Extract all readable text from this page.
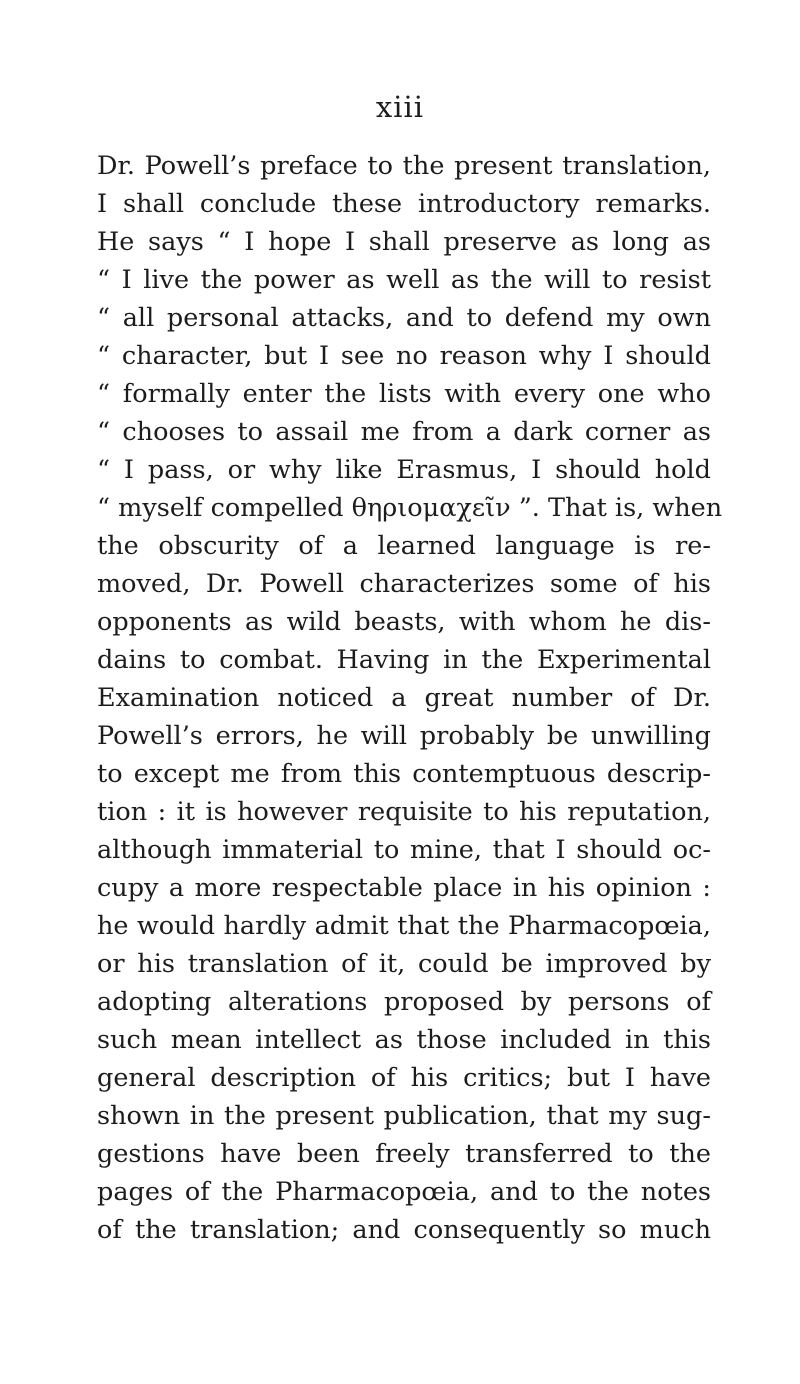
xiii
Dr. Powell’s preface to the present translation,
I shall conclude these introductory remarks.
He says “ I hope I shall preserve as long as
“ I live the power as well as the will to resist
“ all personal attacks, and to defend my own
“ character, but I see no reason why I should
“ formally enter the lists with every one who
“ chooses to assail me from a dark corner as
“ I pass, or why like Erasmus, I should hold
“ myself compelled θηριομαχεῖν ”. That is, when
the obscurity of a learned language is re-
moved, Dr. Powell characterizes some of his
opponents as wild beasts, with whom he dis-
dains to combat. Having in the Experimental
Examination noticed a great number of Dr.
Powell’s errors, he will probably be unwilling
to except me from this contemptuous descrip-
tion : it is however requisite to his reputation,
although immaterial to mine, that I should oc-
cupy a more respectable place in his opinion :
he would hardly admit that the Pharmacopœia,
or his translation of it, could be improved by
adopting alterations proposed by persons of
such mean intellect as those included in this
general description of his critics; but I have
shown in the present publication, that my sug-
gestions have been freely transferred to the
pages of the Pharmacopœia, and to the notes
of the translation; and consequently so much
